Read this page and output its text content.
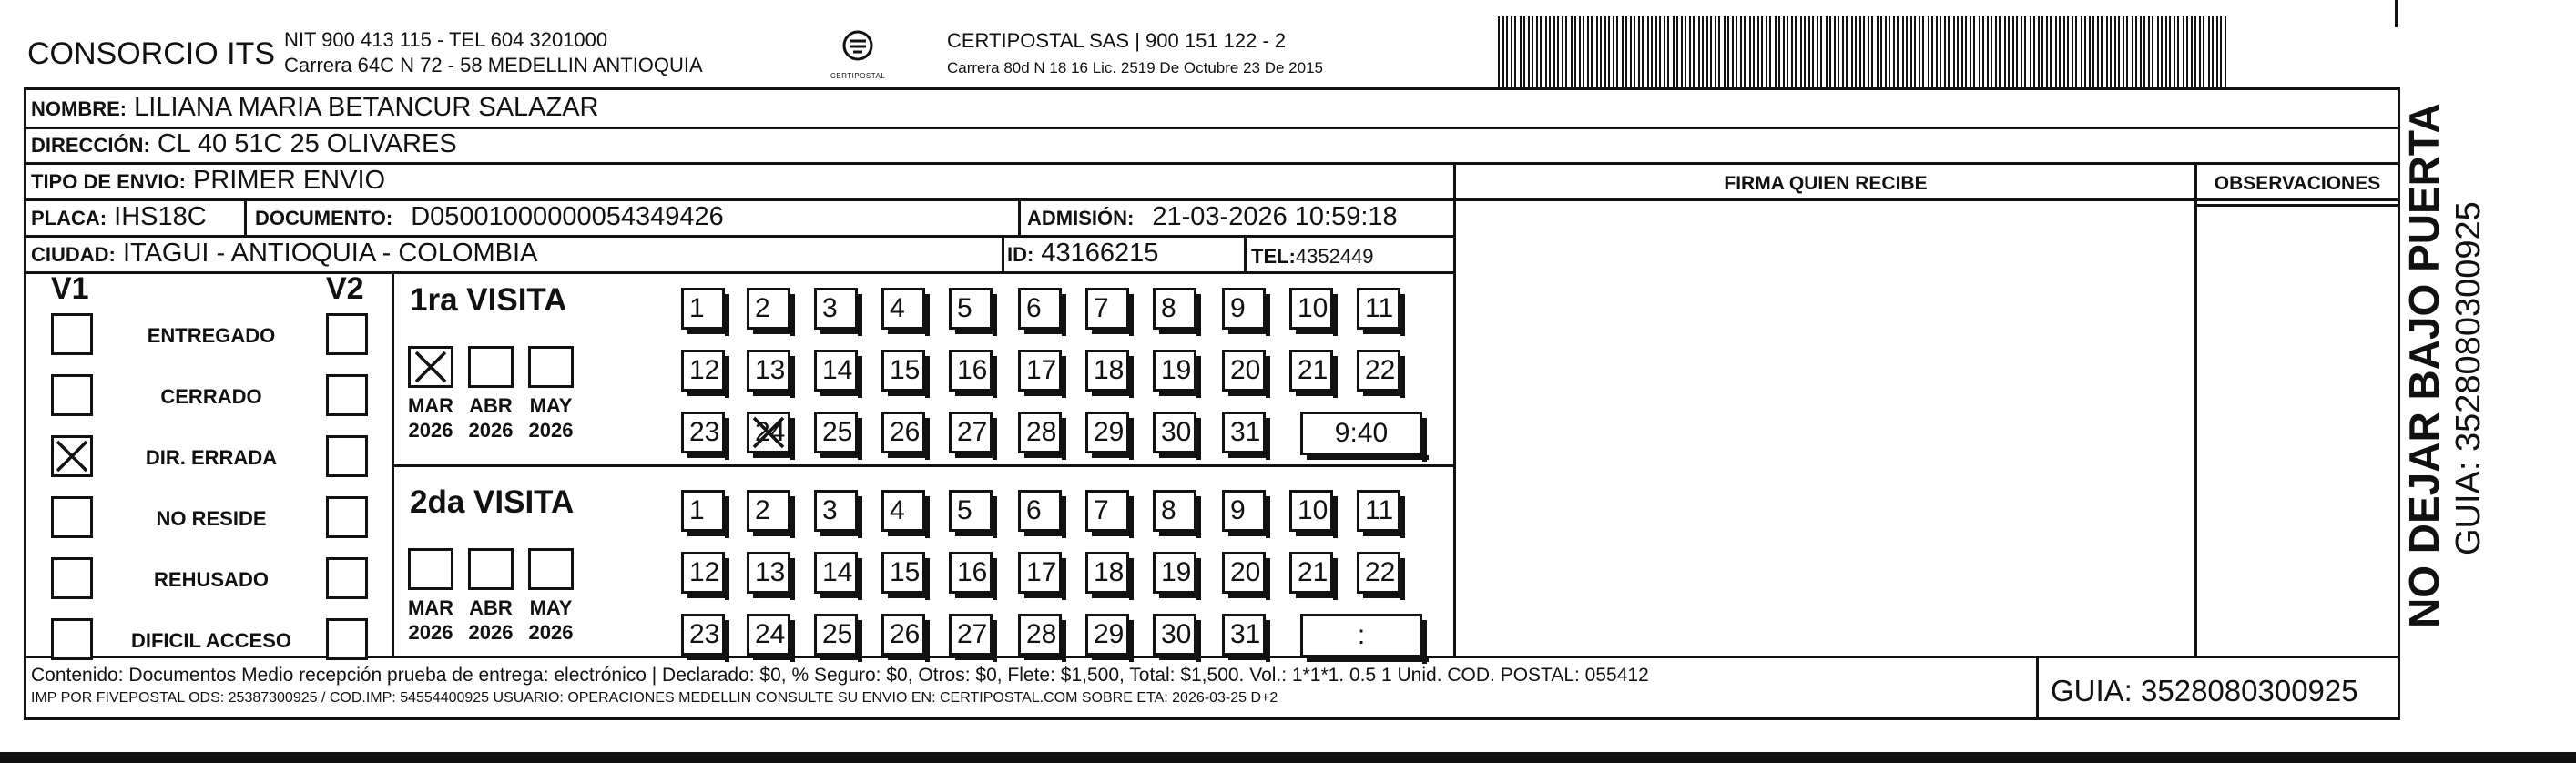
CONSORCIO ITS NIT 900 413 115 - TEL 604 3201000
Carrera 64C N 72 - 58 MEDELLIN ANTIOQUIA	CERTIPOSTAL
CERTIPOSTAL SAS | 900 151 122 - 2
Carrera 80d N 18 16 Lic. 2519 De Octubre 23 De 2015
NOMBRE: LILIANA MARIA BETANCUR SALAZAR
DIRECCIÓN: CL 40 51C 25 OLIVARES
TIPO DE ENVIO: PRIMER ENVIO
PLACA: IHS18C DOCUMENTO: D05001000000054349426	ADMISIÓN: 21-03-2026 10:59:18
FIRMA QUIEN RECIBE	OBSERVACIONES
CIUDAD: ITAGUI - ANTIOQUIA - COLOMBIA	ID: 43166215	TEL:4352449
V1	V2
ENTREGADO
CERRADO
DIR. ERRADA
NO RESIDE
REHUSADO
DIFICIL ACCESO
1ra VISITA
MAR
2026
ABR
2026
MAY
2026
1	2	3	4	5	6	7	8	9	10	11
12	13	14	15	16	17	18	19	20	21	22
23	24	25	26	27	28	29	30	31	9:40
2da VISITA
MAR
2026
ABR
2026
MAY
2026
1	2	3	4	5	6	7	8	9	10	11
12	13	14	15	16	17	18	19	20	21	22
23	24	25	26	27	28	29	30	31	:
Contenido: Documentos Medio recepción prueba de entrega: electrónico | Declarado: $0, % Seguro: $0, Otros: $0, Flete: $1,500, Total: $1,500. Vol.: 1*1*1. 0.5 1 Unid. COD. POSTAL: 055412
IMP POR FIVEPOSTAL ODS: 25387300925 / COD.IMP: 54554400925 USUARIO: OPERACIONES MEDELLIN CONSULTE SU ENVIO EN: CERTIPOSTAL.COM SOBRE ETA: 2026-03-25 D+2	GUIA: 3528080300925
NO DEJAR BAJO PUERTA GUIA: 3528080300925
